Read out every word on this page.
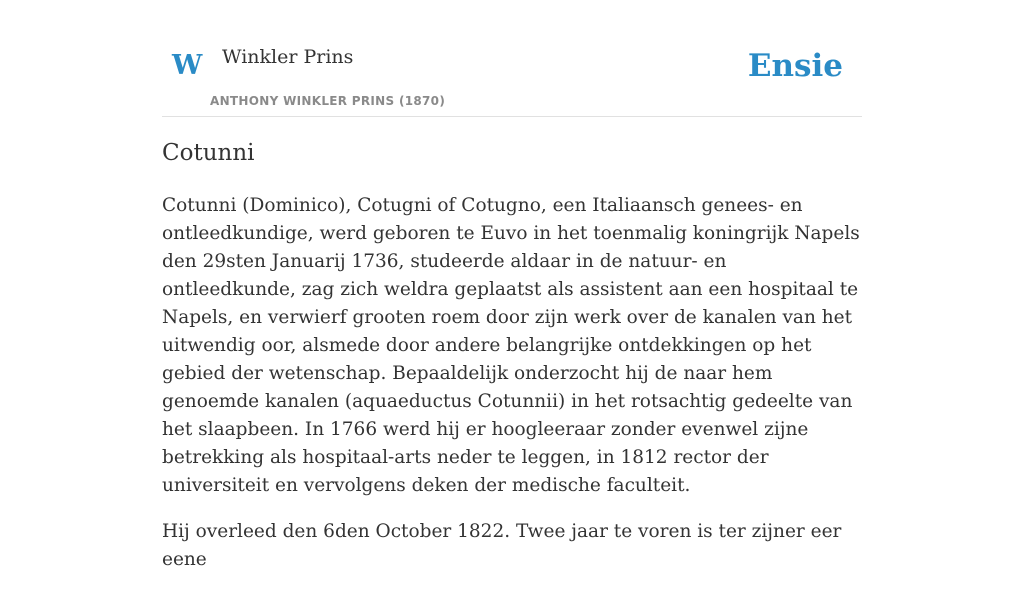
W Winkler Prins
ANTHONY WINKLER PRINS (1870)
Ensie
Cotunni

Cotunni (Dominico), Cotugni of Cotugno, een Italiaansch genees- en ontleedkundige, werd geboren te Euvo in het toenmalig koningrijk Napels den 29sten Januarij 1736, studeerde aldaar in de natuur- en ontleedkunde, zag zich weldra geplaatst als assistent aan een hospitaal te Napels, en verwierf grooten roem door zijn werk over de kanalen van het uitwendig oor, alsmede door andere belangrijke ontdekkingen op het gebied der wetenschap. Bepaaldelijk onderzocht hij de naar hem genoemde kanalen (aquaeductus Cotunnii) in het rotsachtig gedeelte van het slaapbeen. In 1766 werd hij er hoogleeraar zonder evenwel zijne betrekking als hospitaal-arts neder te leggen, in 1812 rector der universiteit en vervolgens deken der medische faculteit.

Hij overleed den 6den October 1822. Twee jaar te voren is ter zijner eer eene
